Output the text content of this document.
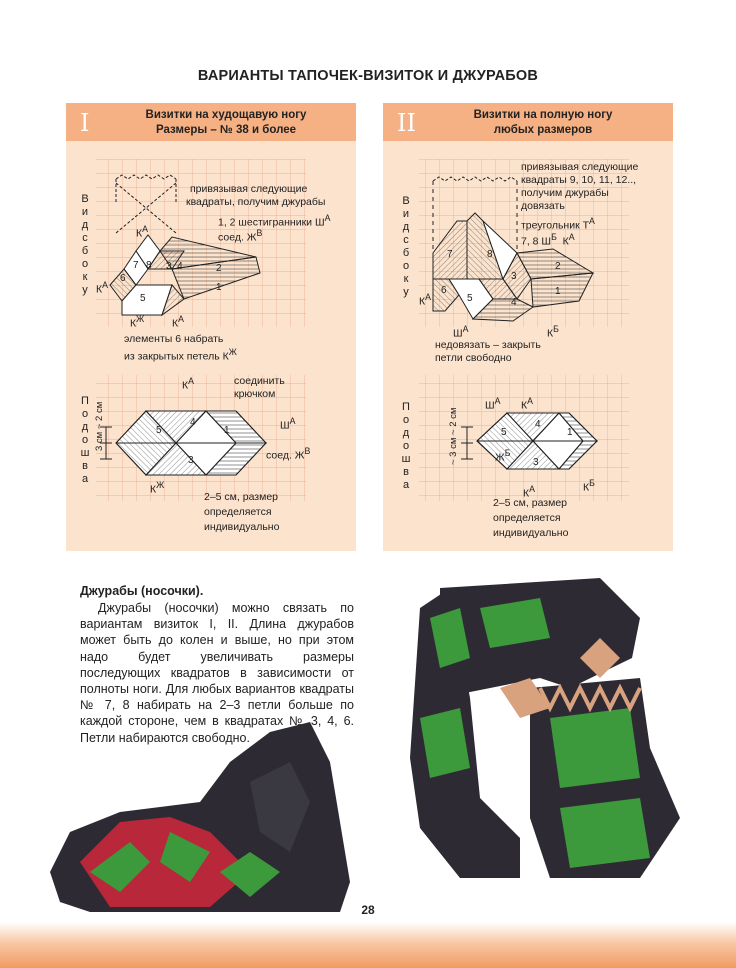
ВАРИАНТЫ ТАПОЧЕК-ВИЗИТОК И ДЖУРАБОВ
I	Визитки на худощавую ногу
Размеры – № 38 и более
7 8 3, 4
6
5
2
1
5
4
1
3
В
и
д
с
б
о
к
у
П
о
д
о
ш
в
а
привязывая следующие
квадраты, получим джурабы
1, 2 шестигранники $Ш^А$
соед. $Ж^В$
$К^А$
$К^А$
$К^Ж$	$К^А$
элементы 6 набрать
из закрытых петель $К^Ж$
$К^А$	соединить
крючком
$Ш^А$
соед. $Ж^В$
$К^Ж$
3 см ~ 2 см
2–5 см, размер
определяется
индивидуально
II	Визитки на полную ногу
любых размеров
7	8
3
6
5	4
2
1
5
4
1
3
В
и
д
с
б
о
к
у
П
о
д
о
ш
в
а
привязывая следующие
квадраты 9, 10, 11, 12..,
получим джурабы
довязать
треугольник $Т^А$
7, 8 $Ш^Б$ $К^А$
$К^А$
$Ш^А$	$К^Б$
недовязать – закрыть
петли свободно
$Ш^А$ $К^А$
$Ж^Б$
$К^А$	$К^Б$
~ 3 см ~ 2 см
2–5 см, размер
определяется
индивидуально
Джурабы (носочки).
Джурабы (носочки) можно связать по вариантам визиток I, II. Длина джурабов может быть до колен и выше, но при этом надо будет увеличивать размеры последующих квадратов в зависимости от полноты ноги. Для любых вариантов квадраты № 7, 8 набирать на 2–3 петли больше по каждой стороне, чем в квадратах № 3, 4, 6. Петли набираются свободно.
28
